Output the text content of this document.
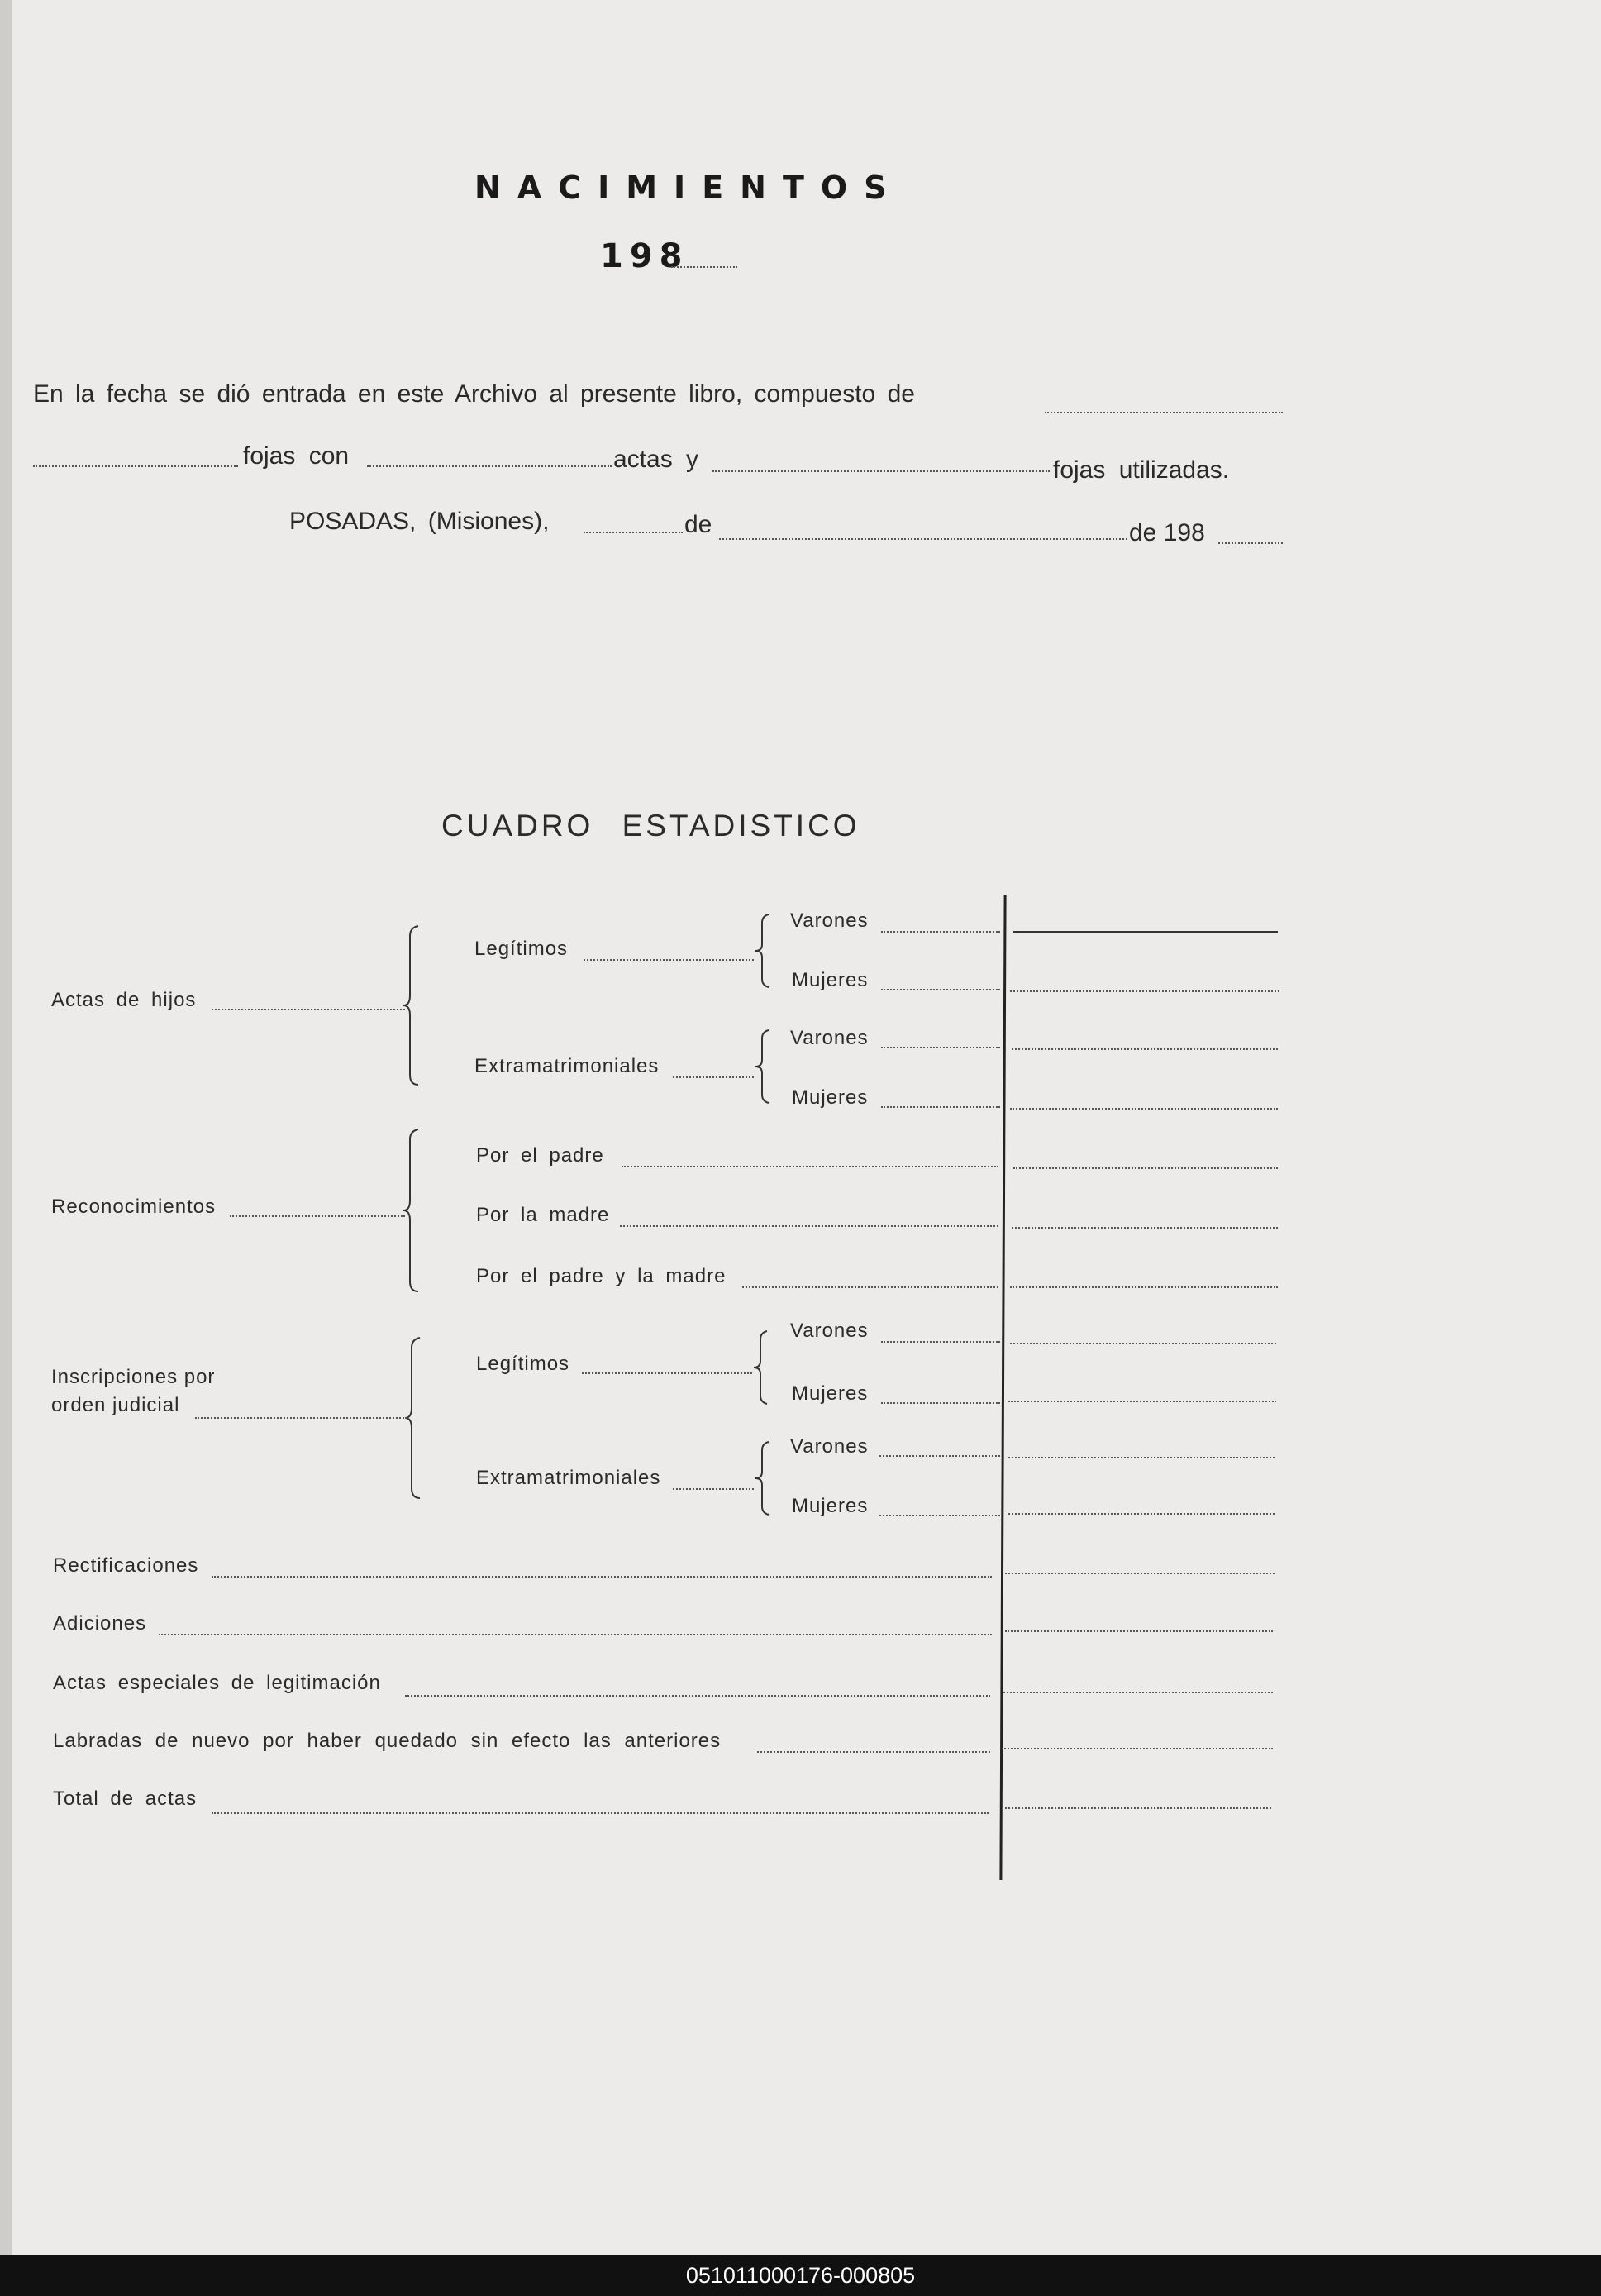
NACIMIENTOS
198
En la fecha se dió entrada en este Archivo al presente libro, compuesto de
fojas con	actas y	fojas utilizadas.
POSADAS, (Misiones),	de	de 198
CUADRO ESTADISTICO
Actas de hijos
Legítimos
Varones
Mujeres
Extramatrimoniales
Varones
Mujeres
Reconocimientos
Por el padre
Por la madre
Por el padre y la madre
Inscripciones por
orden judicial
Legítimos
Varones
Mujeres
Extramatrimoniales
Varones
Mujeres
Rectificaciones
Adiciones
Actas especiales de legitimación
Labradas de nuevo por haber quedado sin efecto las anteriores
Total de actas
051011000176-000805
